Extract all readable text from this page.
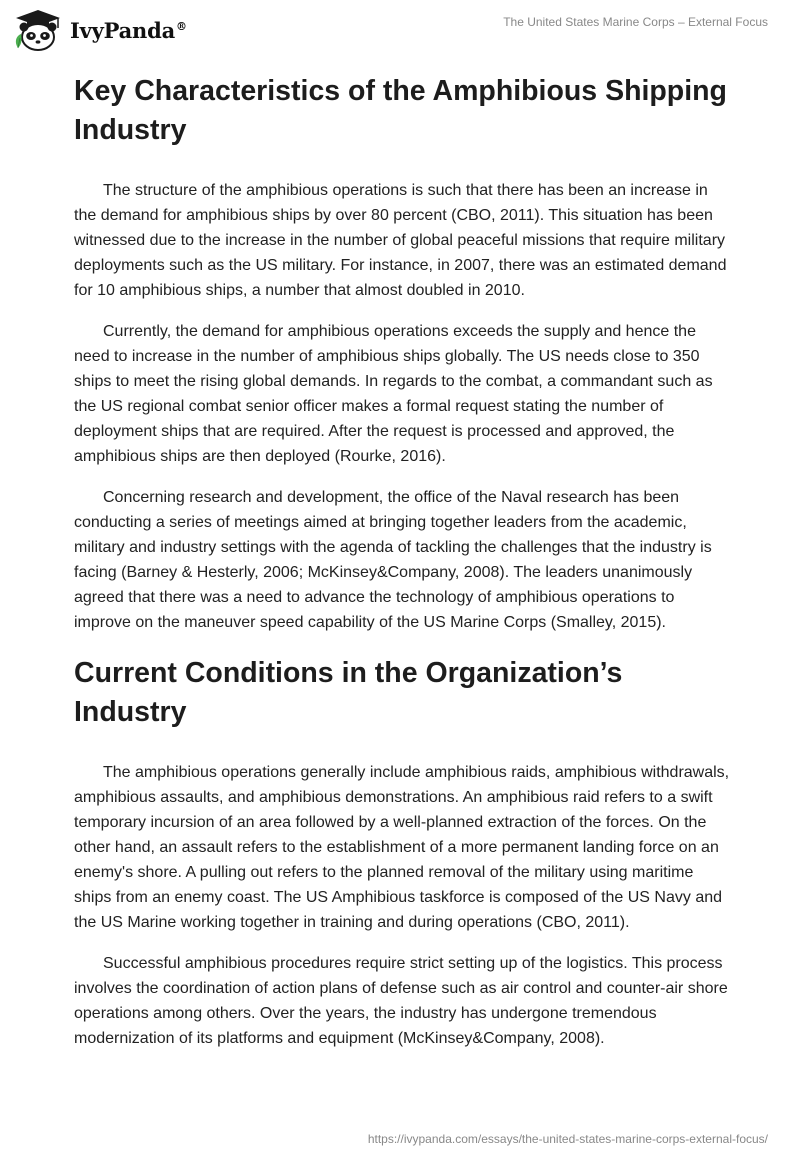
IvyPanda®	The United States Marine Corps – External Focus
Key Characteristics of the Amphibious Shipping Industry

The structure of the amphibious operations is such that there has been an increase in the demand for amphibious ships by over 80 percent (CBO, 2011). This situation has been witnessed due to the increase in the number of global peaceful missions that require military deployments such as the US military. For instance, in 2007, there was an estimated demand for 10 amphibious ships, a number that almost doubled in 2010.

Currently, the demand for amphibious operations exceeds the supply and hence the need to increase in the number of amphibious ships globally. The US needs close to 350 ships to meet the rising global demands. In regards to the combat, a commandant such as the US regional combat senior officer makes a formal request stating the number of deployment ships that are required. After the request is processed and approved, the amphibious ships are then deployed (Rourke, 2016).

Concerning research and development, the office of the Naval research has been conducting a series of meetings aimed at bringing together leaders from the academic, military and industry settings with the agenda of tackling the challenges that the industry is facing (Barney & Hesterly, 2006; McKinsey&Company, 2008). The leaders unanimously agreed that there was a need to advance the technology of amphibious operations to improve on the maneuver speed capability of the US Marine Corps (Smalley, 2015).

Current Conditions in the Organization’s Industry

The amphibious operations generally include amphibious raids, amphibious withdrawals, amphibious assaults, and amphibious demonstrations. An amphibious raid refers to a swift temporary incursion of an area followed by a well-planned extraction of the forces. On the other hand, an assault refers to the establishment of a more permanent landing force on an enemy's shore. A pulling out refers to the planned removal of the military using maritime ships from an enemy coast. The US Amphibious taskforce is composed of the US Navy and the US Marine working together in training and during operations (CBO, 2011).

Successful amphibious procedures require strict setting up of the logistics. This process involves the coordination of action plans of defense such as air control and counter-air shore operations among others. Over the years, the industry has undergone tremendous modernization of its platforms and equipment (McKinsey&Company, 2008).

https://ivypanda.com/essays/the-united-states-marine-corps-external-focus/
